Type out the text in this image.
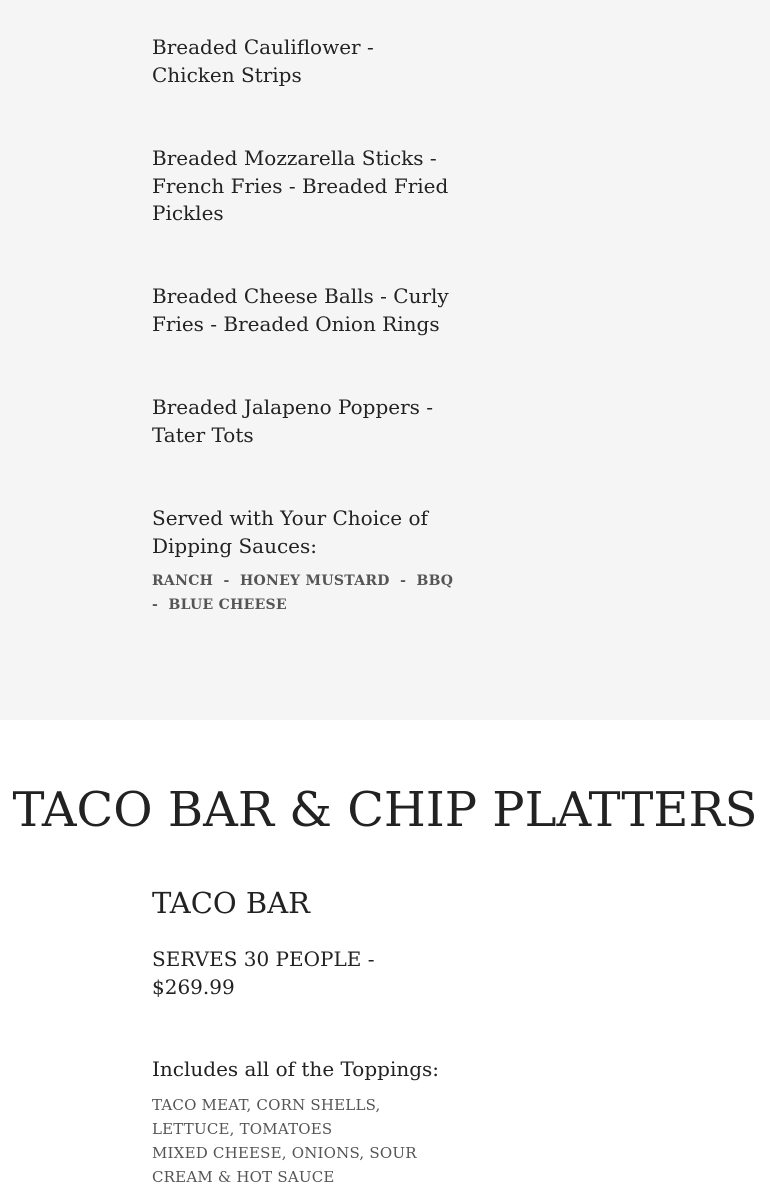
Breaded Cauliflower - Chicken Strips

Breaded Mozzarella Sticks - French Fries - Breaded Fried Pickles

Breaded Cheese Balls - Curly Fries - Breaded Onion Rings

Breaded Jalapeno Poppers - Tater Tots

Served with Your Choice of Dipping Sauces:

RANCH  -  HONEY MUSTARD  -  BBQ  -  BLUE CHEESE

TACO BAR & CHIP PLATTERS
TACO BAR

SERVES 30 PEOPLE - $269.99

Includes all of the Toppings:

TACO MEAT, CORN SHELLS, LETTUCE, TOMATOES

MIXED CHEESE, ONIONS, SOUR CREAM & HOT SAUCE
